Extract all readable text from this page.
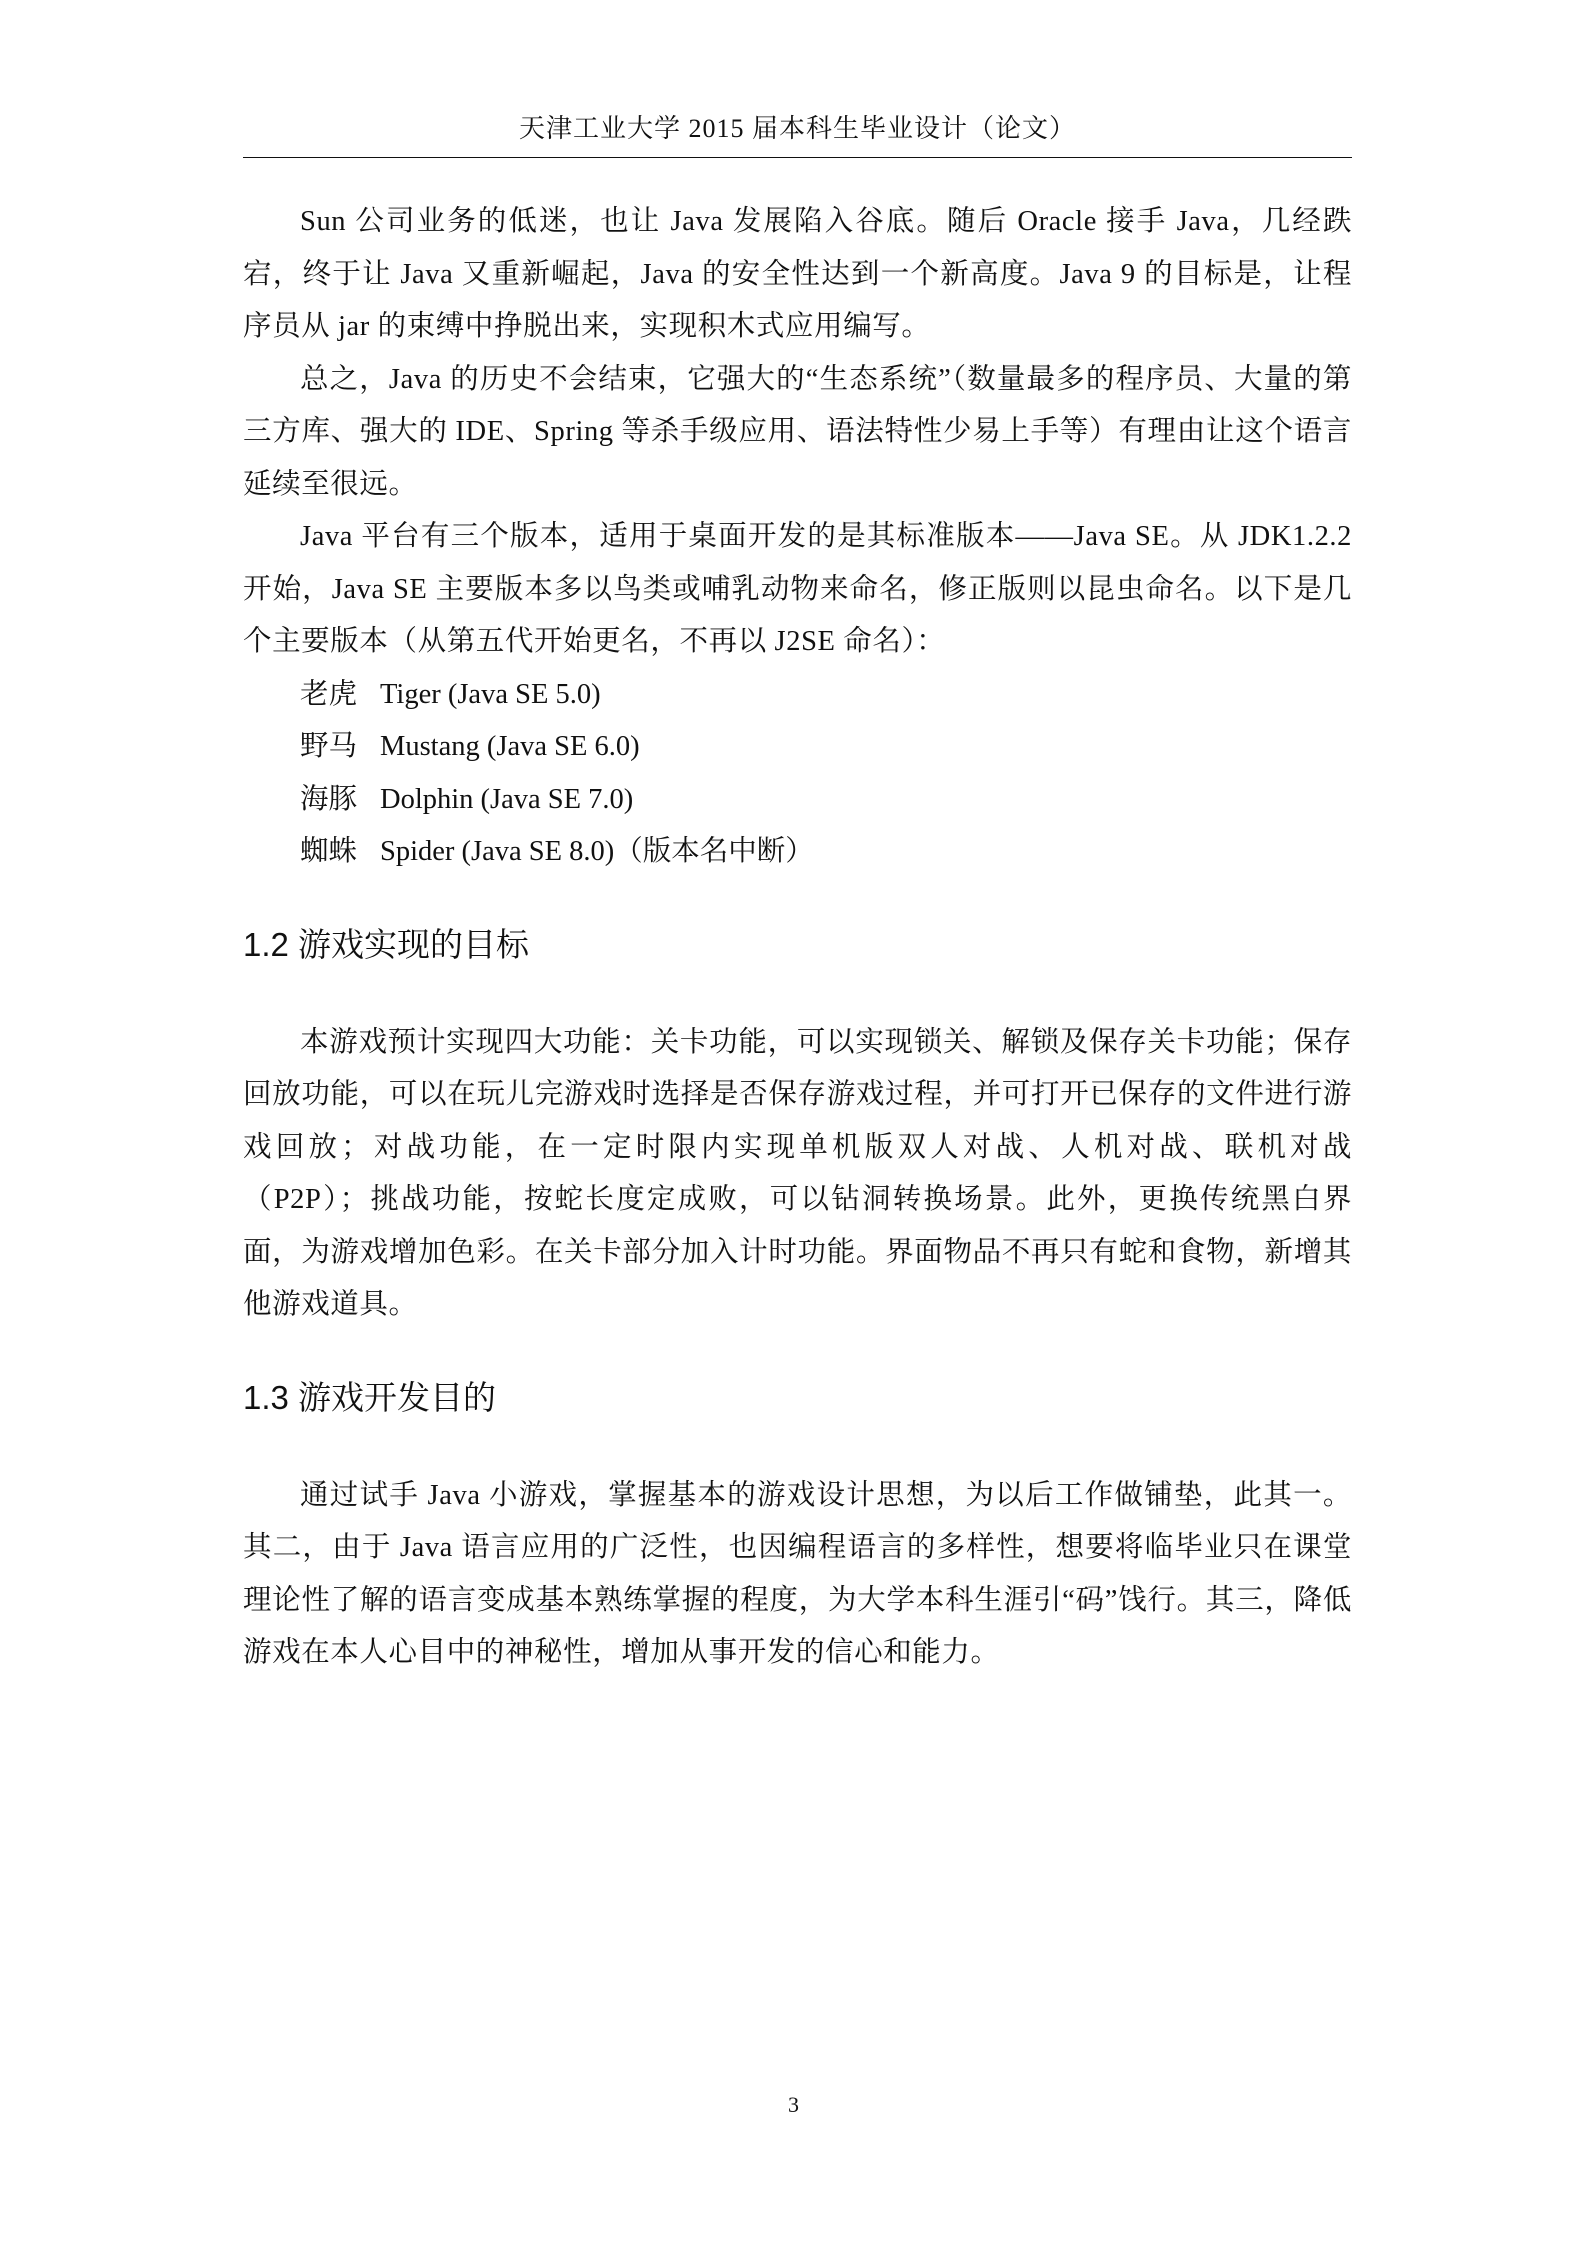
天津工业大学 2015 届本科生毕业设计（论文）

Sun 公司业务的低迷，也让 Java 发展陷入谷底。随后 Oracle 接手 Java，几经跌宕，终于让 Java 又重新崛起，Java 的安全性达到一个新高度。Java 9 的目标是，让程序员从 jar 的束缚中挣脱出来，实现积木式应用编写。

总之，Java 的历史不会结束，它强大的“生态系统”（数量最多的程序员、大量的第三方库、强大的 IDE、Spring 等杀手级应用、语法特性少易上手等）有理由让这个语言延续至很远。

Java 平台有三个版本，适用于桌面开发的是其标准版本——Java SE。从 JDK1.2.2 开始，Java SE 主要版本多以鸟类或哺乳动物来命名，修正版则以昆虫命名。以下是几个主要版本（从第五代开始更名，不再以 J2SE 命名）：

老虎 Tiger (Java SE 5.0)

野马 Mustang (Java SE 6.0)

海豚 Dolphin (Java SE 7.0)

蜘蛛 Spider (Java SE 8.0)（版本名中断）

1.2 游戏实现的目标

本游戏预计实现四大功能：关卡功能，可以实现锁关、解锁及保存关卡功能；保存回放功能，可以在玩儿完游戏时选择是否保存游戏过程，并可打开已保存的文件进行游戏回放；对战功能，在一定时限内实现单机版双人对战、人机对战、联机对战（P2P）；挑战功能，按蛇长度定成败，可以钻洞转换场景。此外，更换传统黑白界面，为游戏增加色彩。在关卡部分加入计时功能。界面物品不再只有蛇和食物，新增其他游戏道具。

1.3 游戏开发目的

通过试手 Java 小游戏，掌握基本的游戏设计思想，为以后工作做铺垫，此其一。其二，由于 Java 语言应用的广泛性，也因编程语言的多样性，想要将临毕业只在课堂理论性了解的语言变成基本熟练掌握的程度，为大学本科生涯引“码”饯行。其三，降低游戏在本人心目中的神秘性，增加从事开发的信心和能力。

3
